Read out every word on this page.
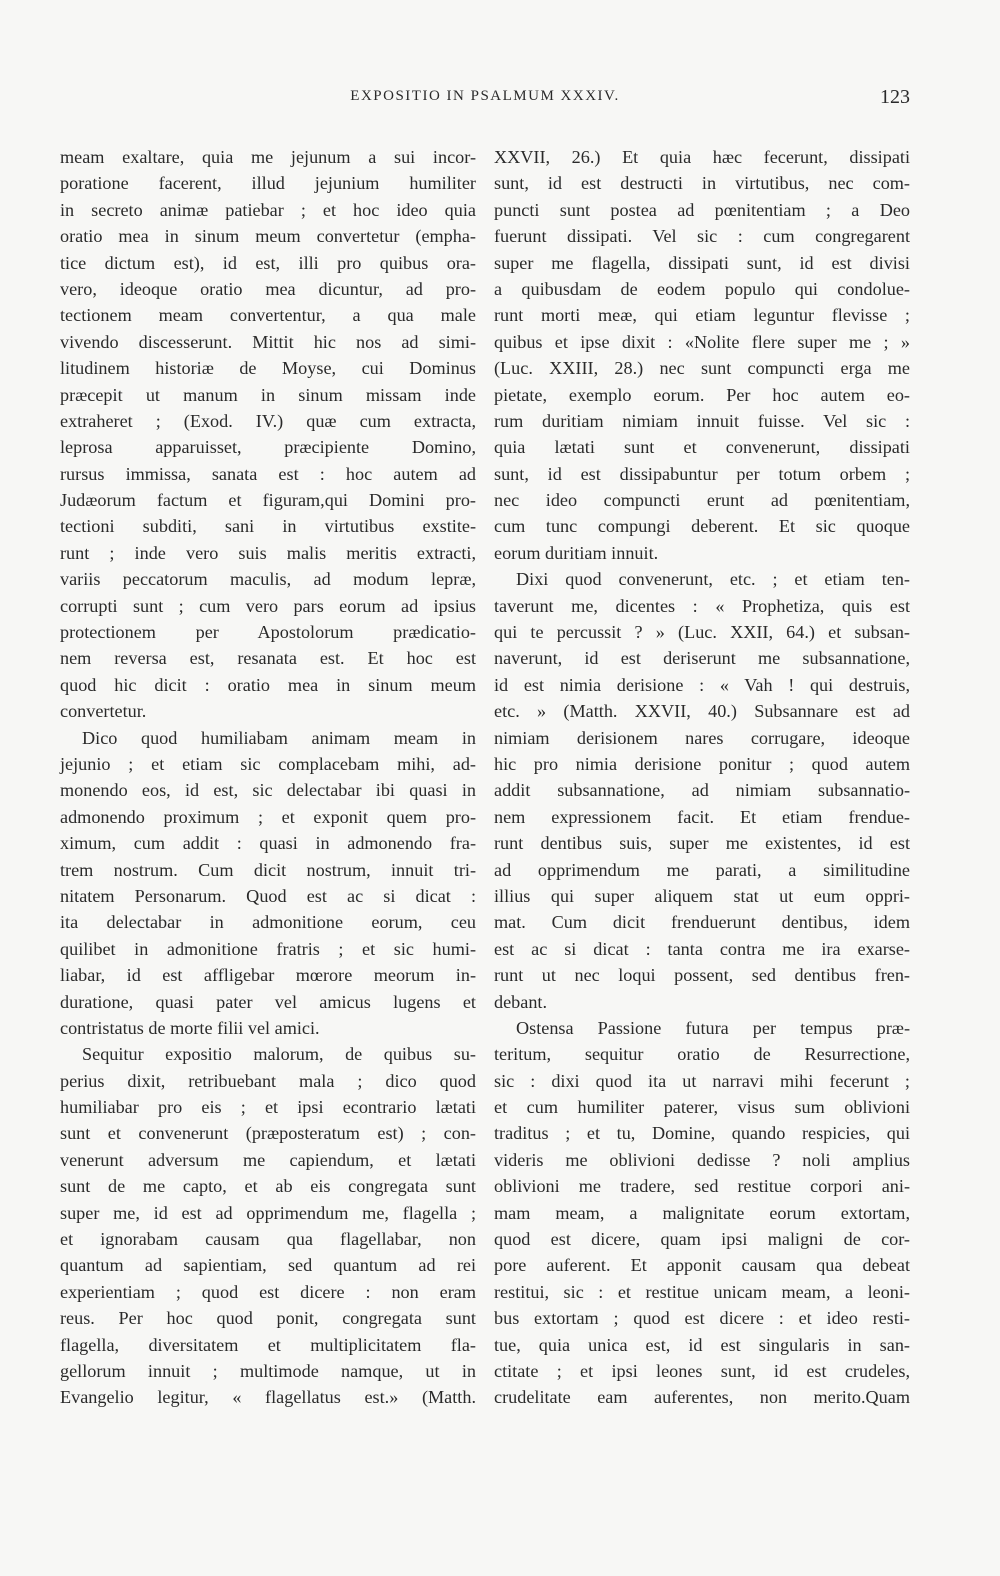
EXPOSITIO IN PSALMUM XXXIV.	123
meam exaltare, quia me jejunum a sui incor-
porationе facerent, illud jejunium humiliter
in secreto animæ patiebar ; et hoc ideo quia
oratio mea in sinum meum convertetur (empha-
tice dictum est), id est, illi pro quibus ora-
vero, ideoque oratio mea dicuntur, ad pro-
tectionem meam convertentur, a qua male
vivendo discesserunt. Mittit hic nos ad simi-
litudinem historiæ de Moyse, cui Dominus
præcepit ut manum in sinum missam inde
extraheret ; (Exod. IV.) quæ cum extracta,
leprosa apparuisset, præcipiente Domino,
rursus immissa, sanata est : hoc autem ad
Judæorum factum et figuram,qui Domini pro-
tectioni subditi, sani in virtutibus exstite-
runt ; inde vero suis malis meritis extracti,
variis peccatorum maculis, ad modum lepræ,
corrupti sunt ; cum vero pars eorum ad ipsius
protectionem per Apostolorum prædicatio-
nem reversa est, resanata est. Et hoc est
quod hic dicit : oratio mea in sinum meum
convertetur.
Dico quod humiliabam animam meam in
jejunio ; et etiam sic complacebam mihi, ad-
monendo eos, id est, sic delectabar ibi quasi in
admonendo proximum ; et exponit quem pro-
ximum, cum addit : quasi in admonendo fra-
trem nostrum. Cum dicit nostrum, innuit tri-
nitatem Personarum. Quod est ac si dicat :
ita delectabar in admonitione eorum, ceu
quilibet in admonitione fratris ; et sic humi-
liabar, id est affligebar mœrore meorum in-
duratione, quasi pater vel amicus lugens et
contristatus de morte filii vel amici.
Sequitur expositio malorum, de quibus su-
perius dixit, retribuebant mala ; dico quod
humiliabar pro eis ; et ipsi econtrario lætati
sunt et convenerunt (præposteratum est) ; con-
venerunt adversum me capiendum, et lætati
sunt de me capto, et ab eis congregata sunt
super me, id est ad opprimendum me, flagella ;
et ignorabam causam qua flagellabar, non
quantum ad sapientiam, sed quantum ad rei
experientiam ; quod est dicere : non eram
reus. Per hoc quod ponit, congregata sunt
flagella, diversitatem et multiplicitatem fla-
gellorum innuit ; multimode namque, ut in
Evangelio legitur, « flagellatus est.» (Matth.
XXVII, 26.) Et quia hæc fecerunt, dissipati
sunt, id est destructi in virtutibus, nec com-
puncti sunt postea ad pœnitentiam ; a Deo
fuerunt dissipati. Vel sic : cum congregarent
super me flagella, dissipati sunt, id est divisi
a quibusdam de eodem populo qui condolue-
runt morti meæ, qui etiam leguntur flevisse ;
quibus et ipse dixit : «Nolite flere super me ; »
(Luc. XXIII, 28.) nec sunt compuncti erga me
pietate, exemplo eorum. Per hoc autem eo-
rum duritiam nimiam innuit fuisse. Vel sic :
quia lætati sunt et convenerunt, dissipati
sunt, id est dissipabuntur per totum orbem ;
nec ideo compuncti erunt ad pœnitentiam,
cum tunc compungi deberent. Et sic quoque
eorum duritiam innuit.
Dixi quod convenerunt, etc. ; et etiam ten-
taverunt me, dicentes : « Prophetiza, quis est
qui te percussit ? » (Luc. XXII, 64.) et subsan-
naverunt, id est deriserunt me subsannatione,
id est nimia derisione : « Vah ! qui destruis,
etc. » (Matth. XXVII, 40.) Subsannare est ad
nimiam derisionem nares corrugare, ideoque
hic pro nimia derisione ponitur ; quod autem
addit subsannatione, ad nimiam subsannatio-
nem expressionem facit. Et etiam frendue-
runt dentibus suis, super me existentes, id est
ad opprimendum me parati, a similitudine
illius qui super aliquem stat ut eum oppri-
mat. Cum dicit frenduerunt dentibus, idem
est ac si dicat : tanta contra me ira exarse-
runt ut nec loqui possent, sed dentibus fren-
debant.
Ostensa Passione futura per tempus præ-
teritum, sequitur oratio de Resurrectione,
sic : dixi quod ita ut narravi mihi fecerunt ;
et cum humiliter paterer, visus sum oblivioni
traditus ; et tu, Domine, quando respicies, qui
videris me oblivioni dedisse ? noli amplius
oblivioni me tradere, sed restitue corpori ani-
mam meam, a malignitate eorum extortam,
quod est dicere, quam ipsi maligni de cor-
pore auferent. Et apponit causam qua debeat
restitui, sic : et restitue unicam meam, a leoni-
bus extortam ; quod est dicere : et ideo resti-
tue, quia unica est, id est singularis in san-
ctitate ; et ipsi leones sunt, id est crudeles,
crudelitate eam auferentes, non merito.Quam
